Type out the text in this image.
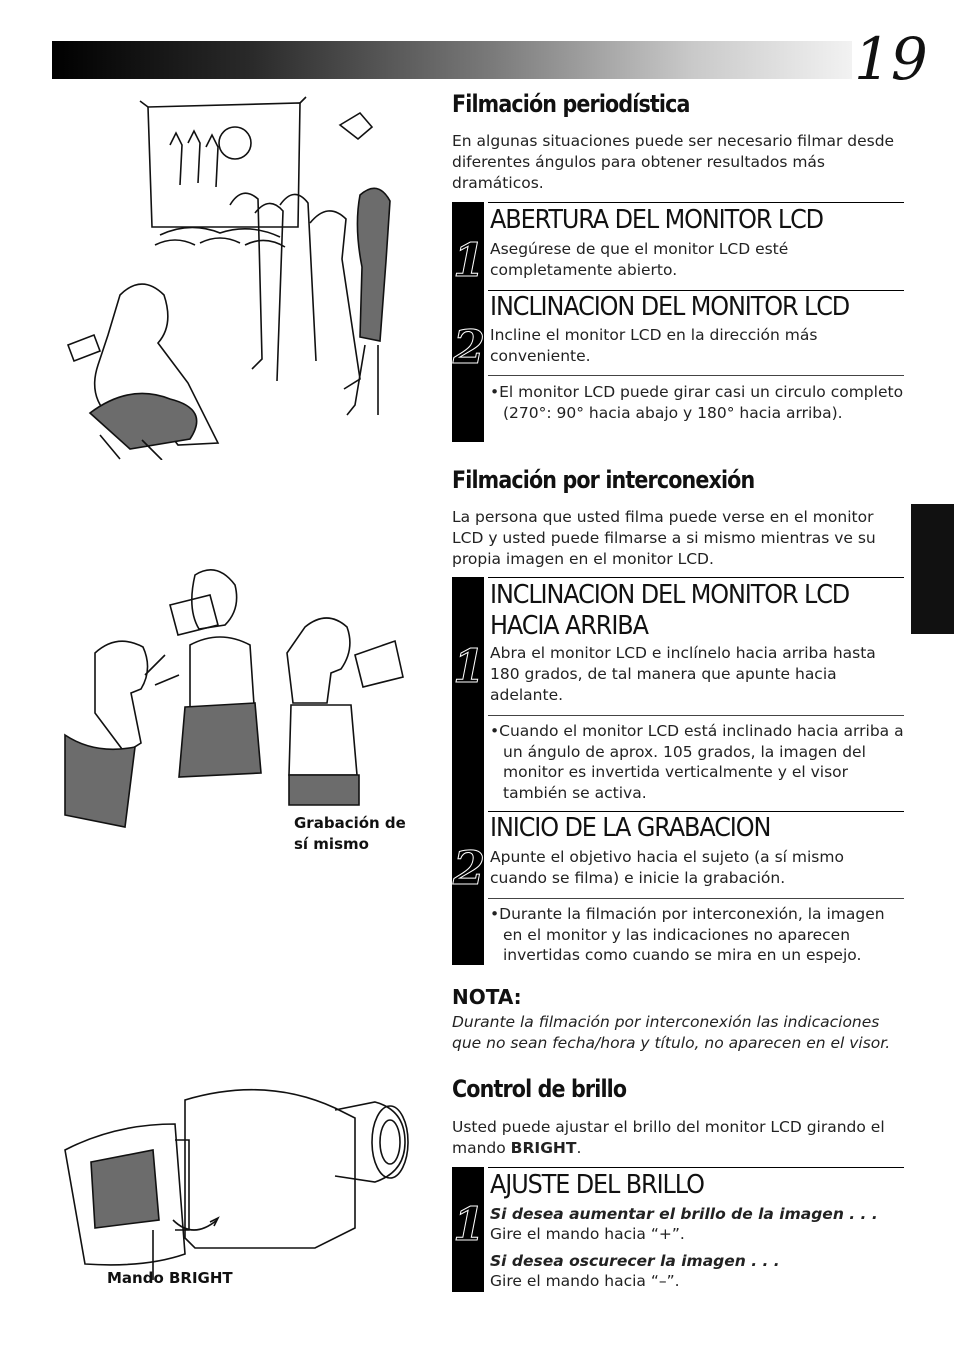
19
Grabación de sí mismo
Mando BRIGHT
Filmación periodística
En algunas situaciones puede ser necesario filmar desde diferentes ángulos para obtener resultados más dramáticos.
1
ABERTURA DEL MONITOR LCD
Asegúrese de que el monitor LCD esté completamente abierto.
2
INCLINACION DEL MONITOR LCD
Incline el monitor LCD en la dirección más conveniente.
•El monitor LCD puede girar casi un circulo completo (270°: 90° hacia abajo y 180° hacia arriba).
Filmación por interconexión
La persona que usted filma puede verse en el monitor LCD y usted puede filmarse a si mismo mientras ve su propia imagen en el monitor LCD.
1
INCLINACION DEL MONITOR LCD
HACIA ARRIBA
Abra el monitor LCD e inclínelo hacia arriba hasta 180 grados, de tal manera que apunte hacia adelante.
•Cuando el monitor LCD está inclinado hacia arriba a un ángulo de aprox. 105 grados, la imagen del monitor es invertida verticalmente y el visor también se activa.
2
INICIO DE LA GRABACION
Apunte el objetivo hacia el sujeto (a sí mismo cuando se filma) e inicie la grabación.
•Durante la filmación por interconexión, la imagen en el monitor y las indicaciones no aparecen invertidas como cuando se mira en un espejo.
NOTA:
Durante la filmación por interconexión las indicaciones que no sean fecha/hora y título, no aparecen en el visor.
Control de brillo
Usted puede ajustar el brillo del monitor LCD girando el mando BRIGHT.
1
AJUSTE DEL BRILLO
Si desea aumentar el brillo de la imagen . . .
Gire el mando hacia “+”.
Si desea oscurecer la imagen . . .
Gire el mando hacia “–”.
